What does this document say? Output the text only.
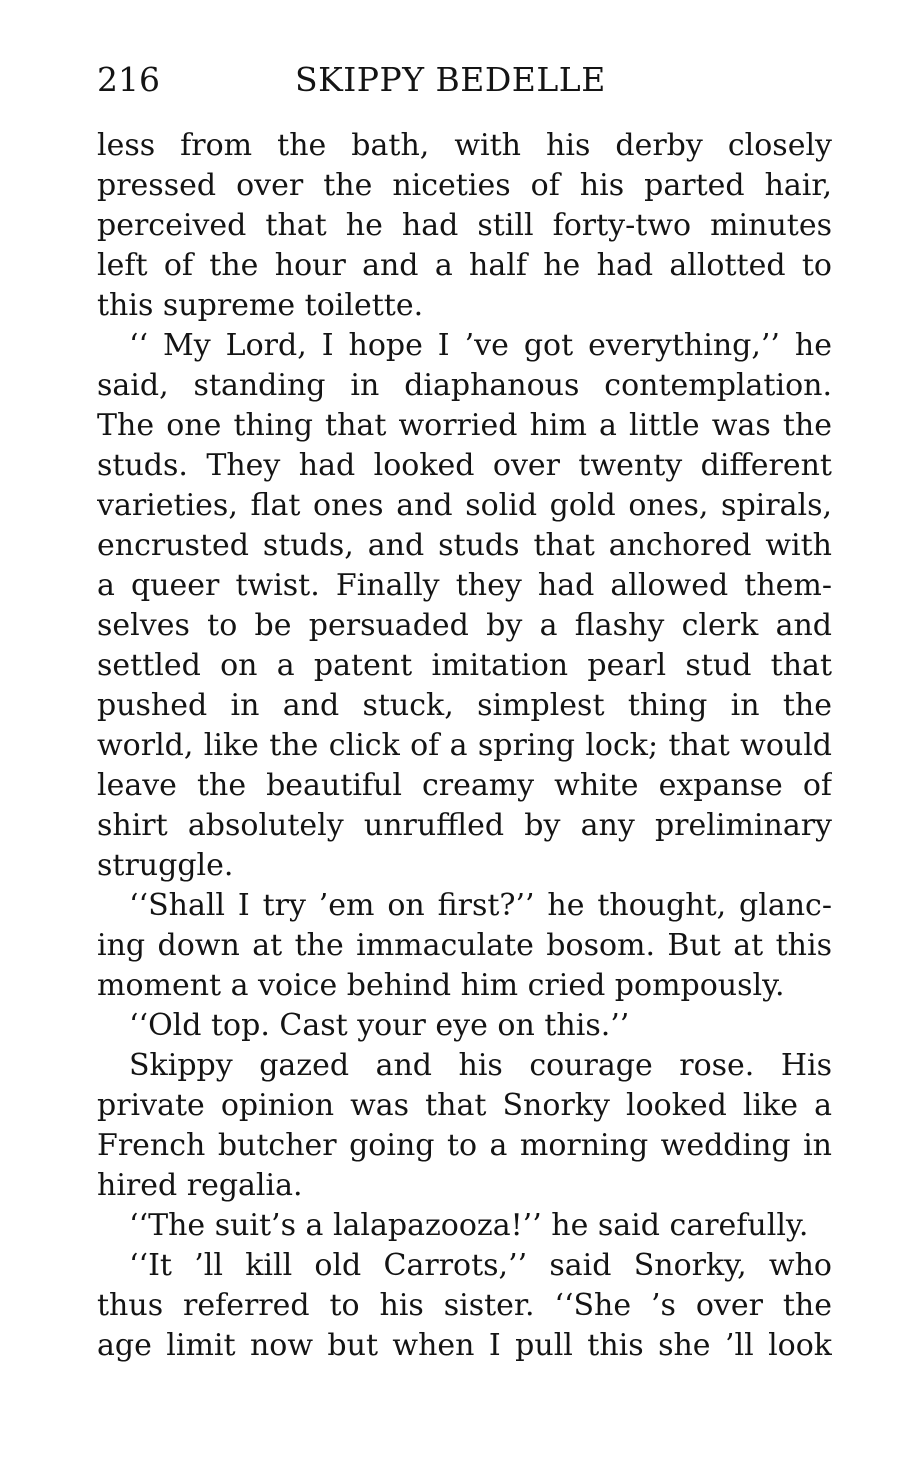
216	SKIPPY BEDELLE
less from the bath, with his derby closely
pressed over the niceties of his parted hair,
perceived that he had still forty-two minutes
left of the hour and a half he had allotted to
this supreme toilette.
‘‘ My Lord, I hope I ’ve got everything,’’ he
said, standing in diaphanous contemplation.
The one thing that worried him a little was the
studs. They had looked over twenty different
varieties, flat ones and solid gold ones, spirals,
encrusted studs, and studs that anchored with
a queer twist. Finally they had allowed them-
selves to be persuaded by a flashy clerk and
settled on a patent imitation pearl stud that
pushed in and stuck, simplest thing in the
world, like the click of a spring lock; that would
leave the beautiful creamy white expanse of
shirt absolutely unruffled by any preliminary
struggle.
‘‘Shall I try ’em on first?’’ he thought, glanc-
ing down at the immaculate bosom. But at this
moment a voice behind him cried pompously.
‘‘Old top. Cast your eye on this.’’
Skippy gazed and his courage rose. His
private opinion was that Snorky looked like a
French butcher going to a morning wedding in
hired regalia.
‘‘The suit’s a lalapazooza!’’ he said carefully.
‘‘It ’ll kill old Carrots,’’ said Snorky, who
thus referred to his sister. ‘‘She ’s over the
age limit now but when I pull this she ’ll look
